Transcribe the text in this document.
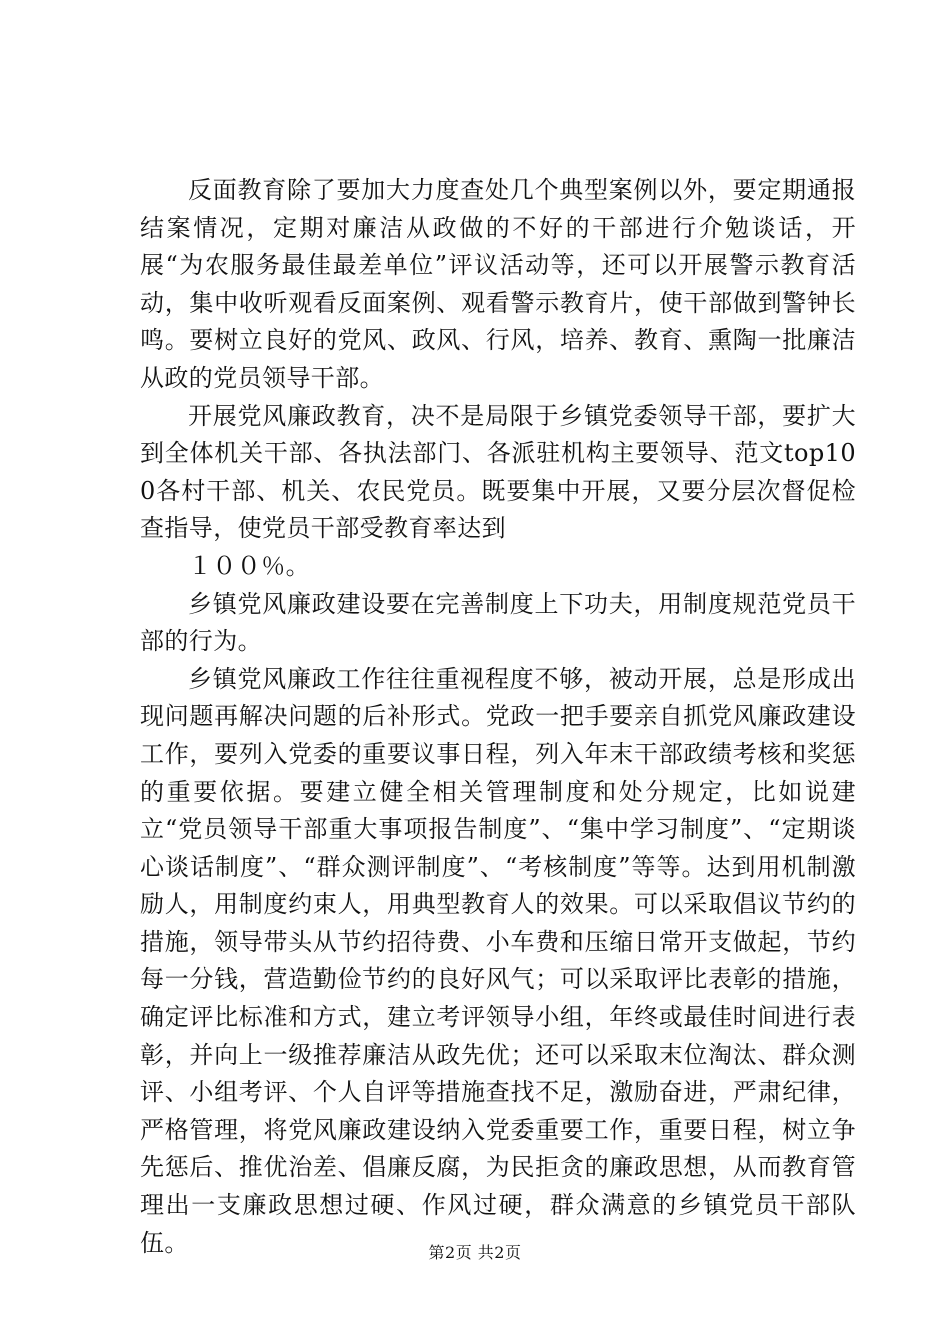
反面教育除了要加大力度查处几个典型案例以外，要定期通报结案情况，定期对廉洁从政做的不好的干部进行介勉谈话，开展“为农服务最佳最差单位”评议活动等，还可以开展警示教育活动，集中收听观看反面案例、观看警示教育片，使干部做到警钟长鸣。要树立良好的党风、政风、行风，培养、教育、熏陶一批廉洁从政的党员领导干部。

开展党风廉政教育，决不是局限于乡镇党委领导干部，要扩大到全体机关干部、各执法部门、各派驻机构主要领导、范文top100各村干部、机关、农民党员。既要集中开展，又要分层次督促检查指导，使党员干部受教育率达到

１００％。

乡镇党风廉政建设要在完善制度上下功夫，用制度规范党员干部的行为。

乡镇党风廉政工作往往重视程度不够，被动开展，总是形成出现问题再解决问题的后补形式。党政一把手要亲自抓党风廉政建设工作，要列入党委的重要议事日程，列入年末干部政绩考核和奖惩的重要依据。要建立健全相关管理制度和处分规定，比如说建立“党员领导干部重大事项报告制度”、“集中学习制度”、“定期谈心谈话制度”、“群众测评制度”、“考核制度”等等。达到用机制激励人，用制度约束人，用典型教育人的效果。可以采取倡议节约的措施，领导带头从节约招待费、小车费和压缩日常开支做起，节约每一分钱，营造勤俭节约的良好风气；可以采取评比表彰的措施，确定评比标准和方式，建立考评领导小组，年终或最佳时间进行表彰，并向上一级推荐廉洁从政先优；还可以采取末位淘汰、群众测评、小组考评、个人自评等措施查找不足，激励奋进，严肃纪律，严格管理，将党风廉政建设纳入党委重要工作，重要日程，树立争先惩后、推优治差、倡廉反腐，为民拒贪的廉政思想，从而教育管理出一支廉政思想过硬、作风过硬，群众满意的乡镇党员干部队伍。	第2页 共2页
